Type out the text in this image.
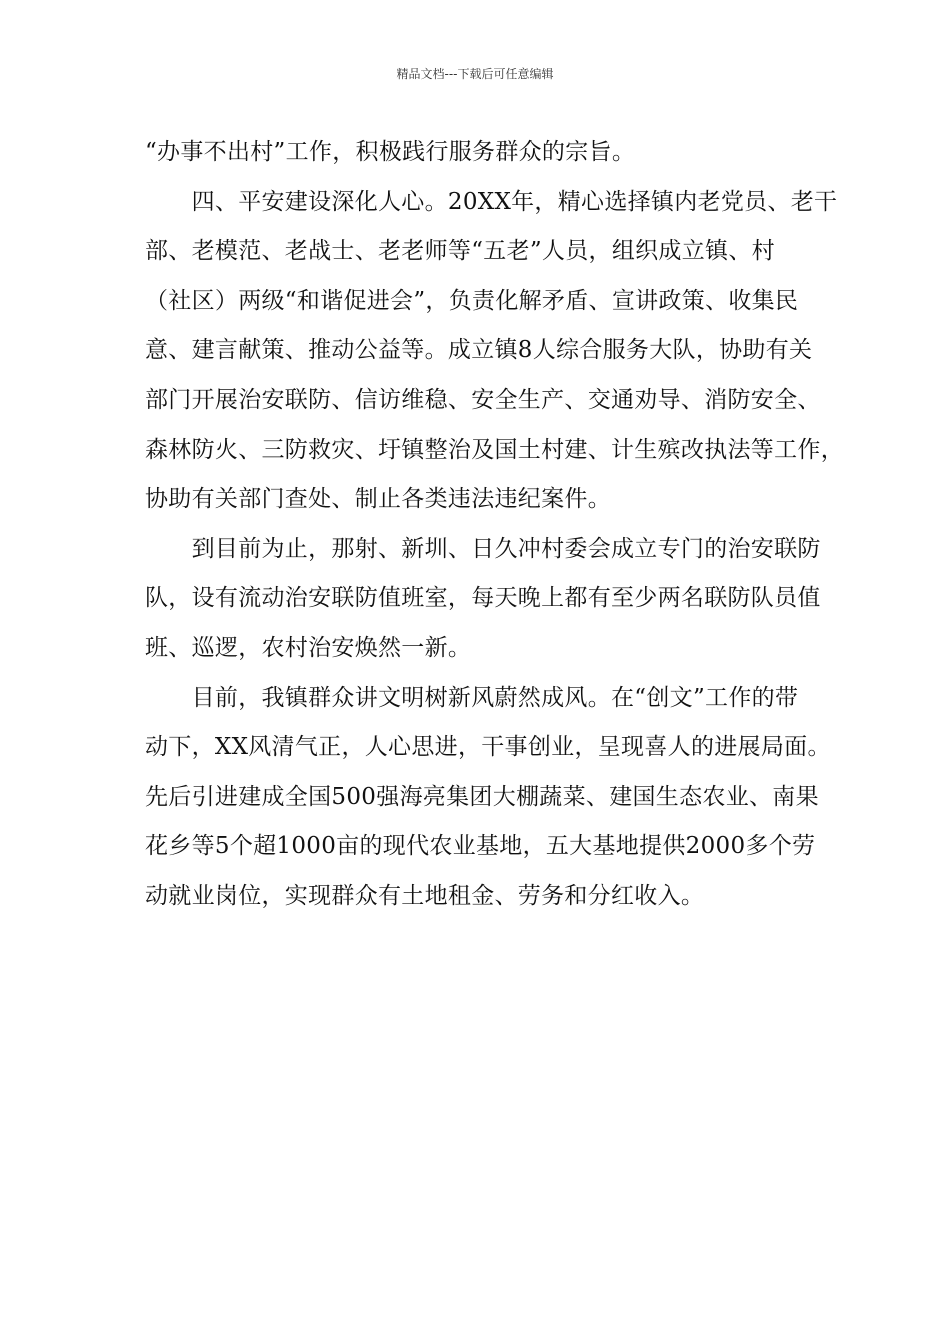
精品文档---下载后可任意编辑
“办事不出村”工作，积极践行服务群众的宗旨。
　　四、平安建设深化人心。20XX年，精心选择镇内老党员、老干
部、老模范、老战士、老老师等“五老”人员，组织成立镇、村
（社区）两级“和谐促进会”，负责化解矛盾、宣讲政策、收集民
意、建言献策、推动公益等。成立镇8人综合服务大队，协助有关
部门开展治安联防、信访维稳、安全生产、交通劝导、消防安全、
森林防火、三防救灾、圩镇整治及国土村建、计生殡改执法等工作，
协助有关部门查处、制止各类违法违纪案件。
　　到目前为止，那射、新圳、日久冲村委会成立专门的治安联防
队，设有流动治安联防值班室，每天晚上都有至少两名联防队员值
班、巡逻，农村治安焕然一新。
　　目前，我镇群众讲文明树新风蔚然成风。在“创文”工作的带
动下，XX风清气正，人心思进，干事创业，呈现喜人的进展局面。
先后引进建成全国500强海亮集团大棚蔬菜、建国生态农业、南果
花乡等5个超1000亩的现代农业基地，五大基地提供2000多个劳
动就业岗位，实现群众有土地租金、劳务和分红收入。
